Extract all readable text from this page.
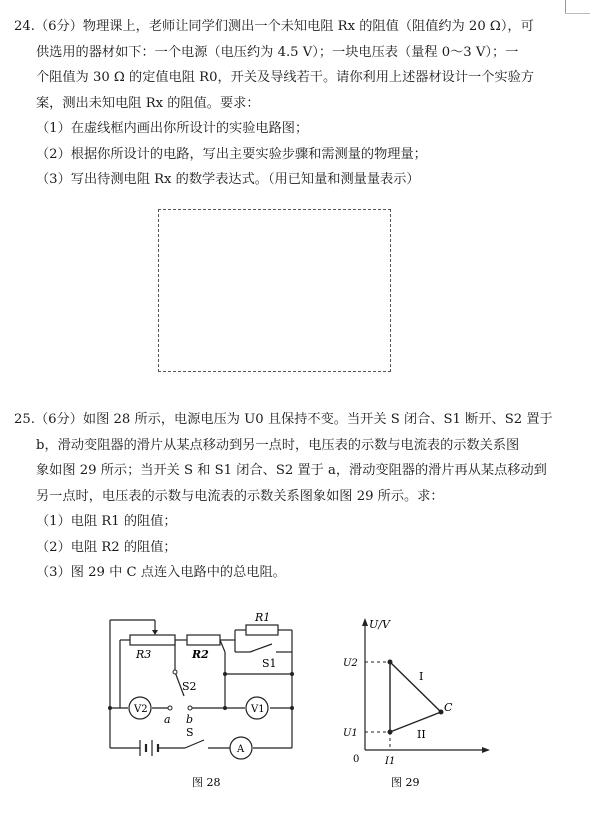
24.（6分）物理课上，老师让同学们测出一个未知电阻 Rx 的阻值（阻值约为 20 Ω），可

供选用的器材如下：一个电源（电压约为 4.5 V）；一块电压表（量程 0～3 V）；一

个阻值为 30 Ω 的定值电阻 R0，开关及导线若干。请你利用上述器材设计一个实验方

案，测出未知电阻 Rx 的阻值。要求：

（1）在虚线框内画出你所设计的实验电路图；

（2）根据你所设计的电路，写出主要实验步骤和需测量的物理量；

（3）写出待测电阻 Rx 的数学表达式。（用已知量和测量量表示）

25.（6分）如图 28 所示，电源电压为 U0 且保持不变。当开关 S 闭合、S1 断开、S2 置于

b，滑动变阻器的滑片从某点移动到另一点时，电压表的示数与电流表的示数关系图

象如图 29 所示；当开关 S 和 S1 闭合、S2 置于 a，滑动变阻器的滑片再从某点移动到

另一点时，电压表的示数与电流表的示数关系图象如图 29 所示。求：

（1）电阻 R1 的阻值；

（2）电阻 R2 的阻值；

（3）图 29 中 C 点连入电路中的总电阻。

R3	R2
R1
S1
S2
V2	V1
a b
S
A
图 28
U/V
U2
U1
0	I1
I
II
C
图 29
